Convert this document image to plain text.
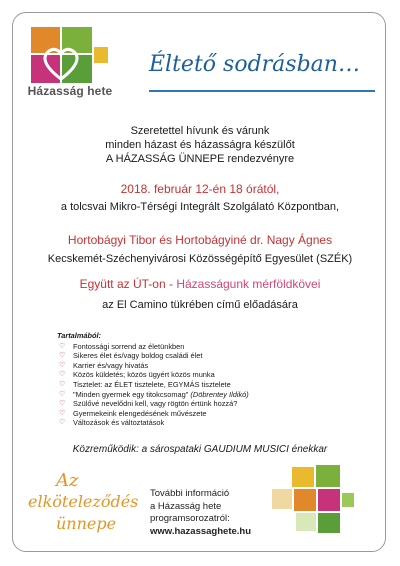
Házasság hete
Éltető sodrásban…
Szeretettel hívunk és várunk
minden házast és házasságra készülőt
A HÁZASSÁG ÜNNEPE rendezvényre
2018. február 12-én 18 órától,
a tolcsvai Mikro-Térségi Integrált Szolgálató Központban,
Hortobágyi Tibor és Hortobágyiné dr. Nagy Ágnes
Kecskemét-Széchenyivárosi Közösségépítő Egyesület (SZÉK)
Együtt az ÚT-on - Házasságunk mérföldkövei
az El Camino tükrében című előadására
Tartalmából:
♡	Fontossági sorrend az életünkben
♡	Sikeres élet és/vagy boldog családi élet
♡	Karrier és/vagy hivatás
♡	Közös küldetés; közös ügyért közös munka
♡	Tisztelet: az ÉLET tisztelete, EGYMÁS tisztelete
♡	"Minden gyermek egy titokcsomag"
(Döbrentey Ildikó)
♡	Szülővé nevelődni kell, vagy rögtön értünk hozzá?
♡	Gyermekeink elengedésének művészete
♡	Változások és változtatások
Közreműködik: a sárospataki GAUDIUM MUSICI énekkar
Az
elköteleződés
ünnepe
További információ
a Házasság hete
programsorozatról:
www.hazassaghete.hu
